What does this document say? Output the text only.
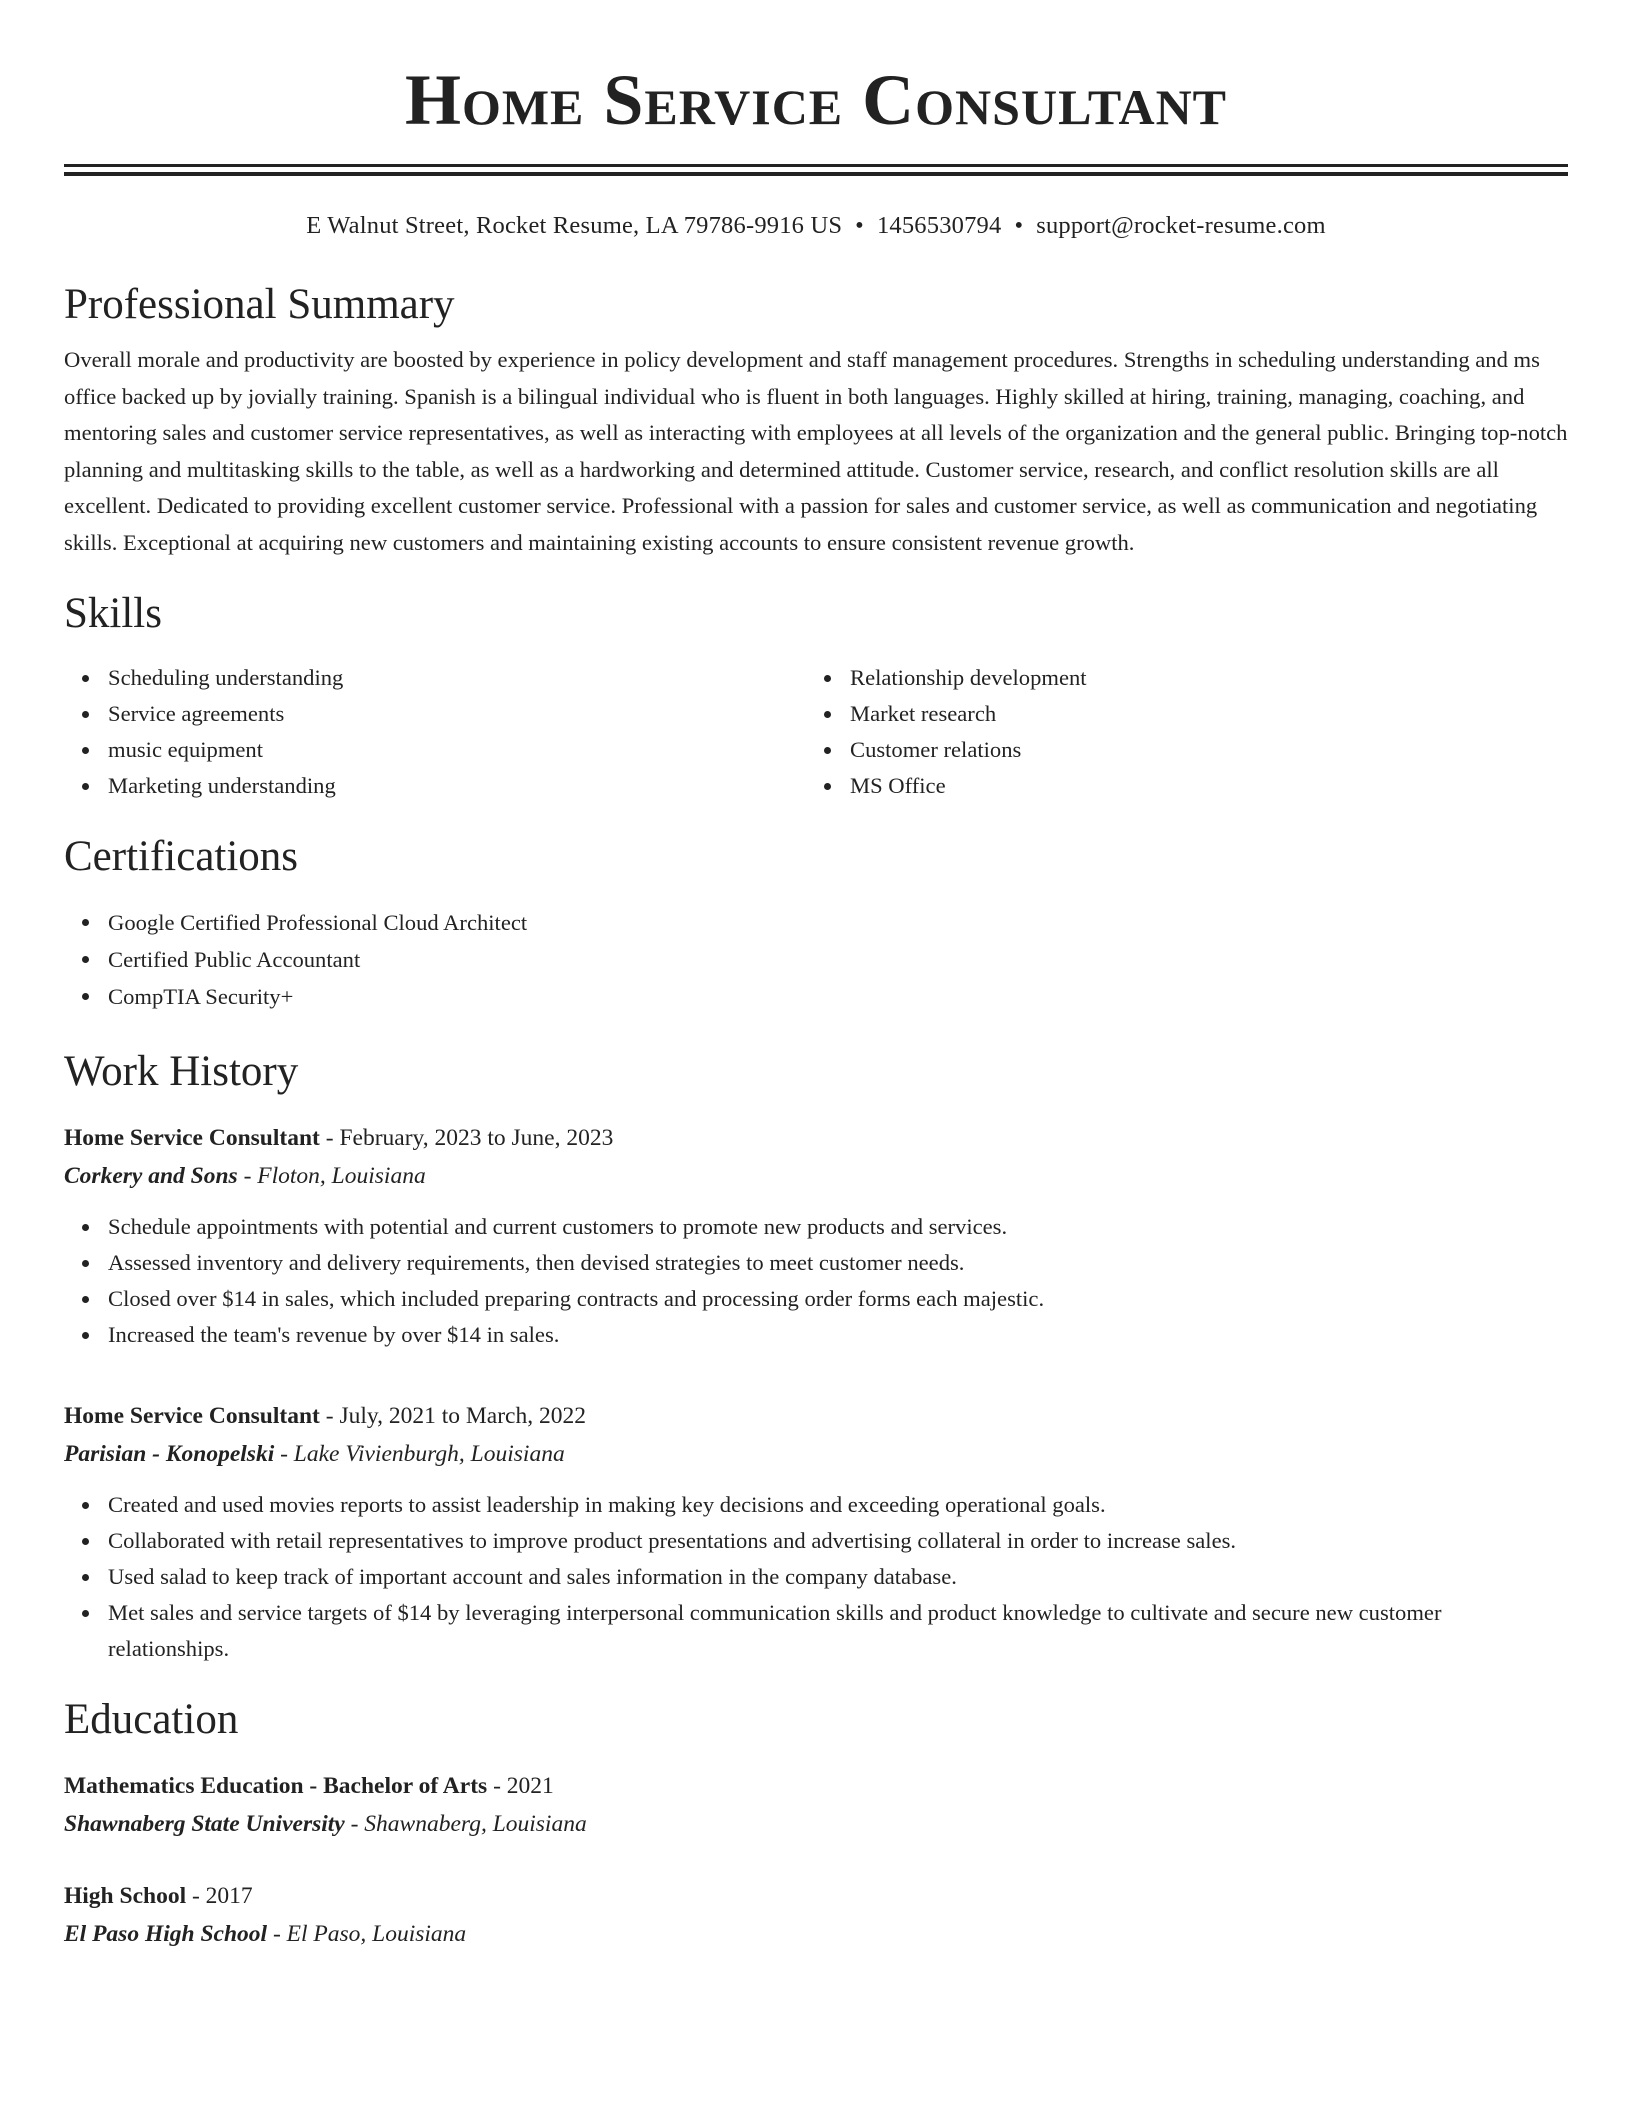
Home Service Consultant
E Walnut Street, Rocket Resume, LA 79786-9916 US • 1456530794 • support@rocket-resume.com
Professional Summary

Overall morale and productivity are boosted by experience in policy development and staff management procedures. Strengths in scheduling understanding and ms office backed up by jovially training. Spanish is a bilingual individual who is fluent in both languages. Highly skilled at hiring, training, managing, coaching, and mentoring sales and customer service representatives, as well as interacting with employees at all levels of the organization and the general public. Bringing top-notch planning and multitasking skills to the table, as well as a hardworking and determined attitude. Customer service, research, and conflict resolution skills are all excellent. Dedicated to providing excellent customer service. Professional with a passion for sales and customer service, as well as communication and negotiating skills. Exceptional at acquiring new customers and maintaining existing accounts to ensure consistent revenue growth.

Skills
Scheduling understanding
Service agreements
music equipment
Marketing understanding
Relationship development
Market research
Customer relations
MS Office
Certifications
Google Certified Professional Cloud Architect
Certified Public Accountant
CompTIA Security+
Work History
Home Service Consultant - February, 2023 to June, 2023
Corkery and Sons - Floton, Louisiana
Schedule appointments with potential and current customers to promote new products and services.
Assessed inventory and delivery requirements, then devised strategies to meet customer needs.
Closed over $14 in sales, which included preparing contracts and processing order forms each majestic.
Increased the team's revenue by over $14 in sales.
Home Service Consultant - July, 2021 to March, 2022
Parisian - Konopelski - Lake Vivienburgh, Louisiana
Created and used movies reports to assist leadership in making key decisions and exceeding operational goals.
Collaborated with retail representatives to improve product presentations and advertising collateral in order to increase sales.
Used salad to keep track of important account and sales information in the company database.
Met sales and service targets of $14 by leveraging interpersonal communication skills and product knowledge to cultivate and secure new customer relationships.
Education
Mathematics Education - Bachelor of Arts - 2021
Shawnaberg State University - Shawnaberg, Louisiana
High School - 2017
El Paso High School - El Paso, Louisiana
